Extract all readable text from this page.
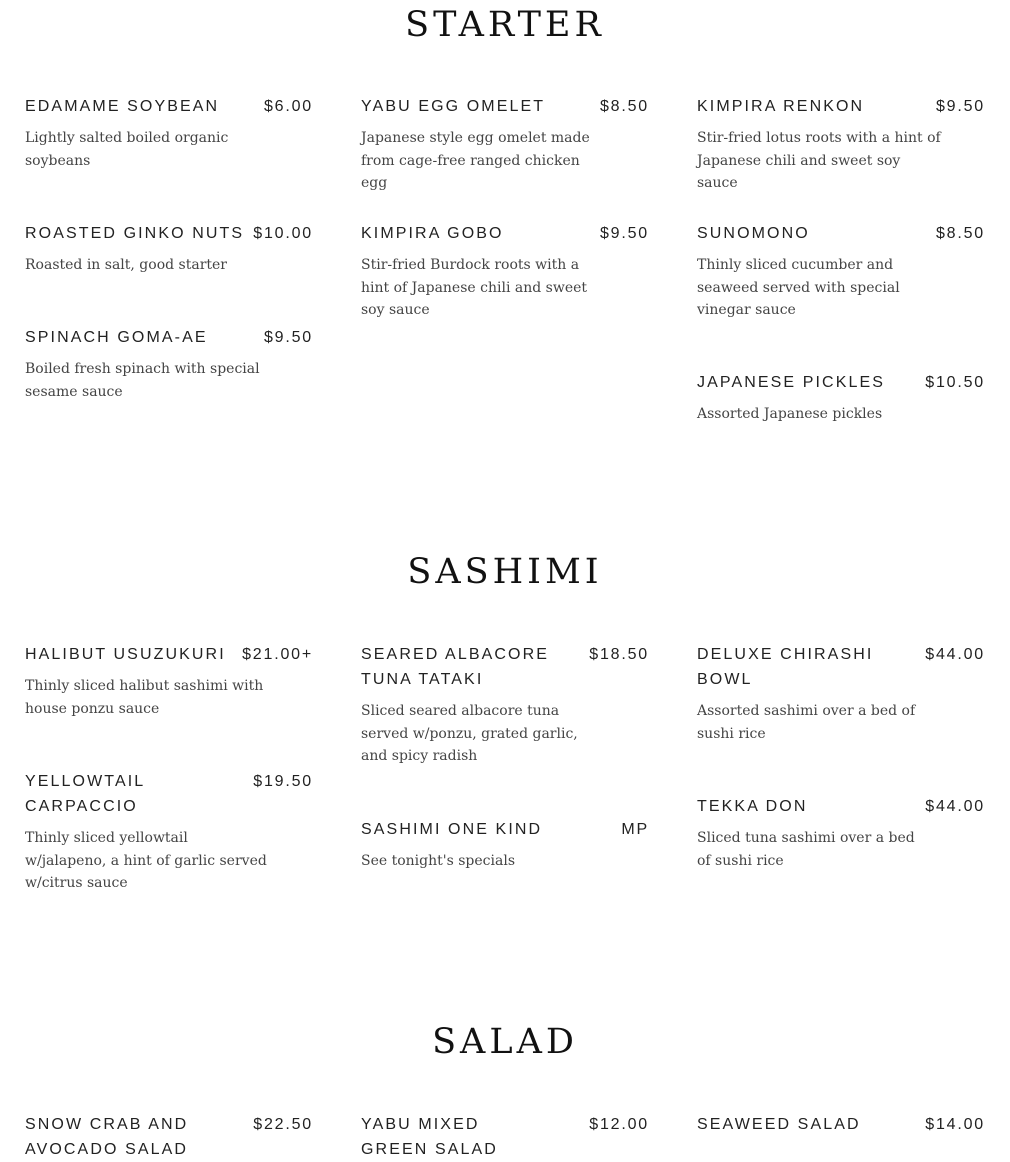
STARTER
EDAMAME SOYBEAN	$6.00
Lightly salted boiled organic soybeans
YABU EGG OMELET	$8.50
Japanese style egg omelet made from cage-free ranged chicken egg
KIMPIRA RENKON	$9.50
Stir-fried lotus roots with a hint of Japanese chili and sweet soy sauce
ROASTED GINKO NUTS $10.00
Roasted in salt, good starter
KIMPIRA GOBO	$9.50
Stir-fried Burdock roots with a hint of Japanese chili and sweet soy sauce
SUNOMONO	$8.50
Thinly sliced cucumber and seaweed served with special vinegar sauce
SPINACH GOMA-AE	$9.50
Boiled fresh spinach with special sesame sauce
JAPANESE PICKLES	$10.50
Assorted Japanese pickles
SASHIMI
HALIBUT USUZUKURI	$21.00+
Thinly sliced halibut sashimi with house ponzu sauce
SEARED ALBACORE TUNA TATAKI
$18.50
Sliced seared albacore tuna served w/ponzu, grated garlic, and spicy radish
DELUXE CHIRASHI BOWL
$44.00
Assorted sashimi over a bed of sushi rice
YELLOWTAIL CARPACCIO
$19.50
Thinly sliced yellowtail w/jalapeno, a hint of garlic served w/citrus sauce
SASHIMI ONE KIND	MP
See tonight's specials
TEKKA DON	$44.00
Sliced tuna sashimi over a bed of sushi rice
SALAD
SNOW CRAB AND AVOCADO SALAD
$22.50	YABU MIXED GREEN SALAD
$12.00	SEAWEED SALAD	$14.00
